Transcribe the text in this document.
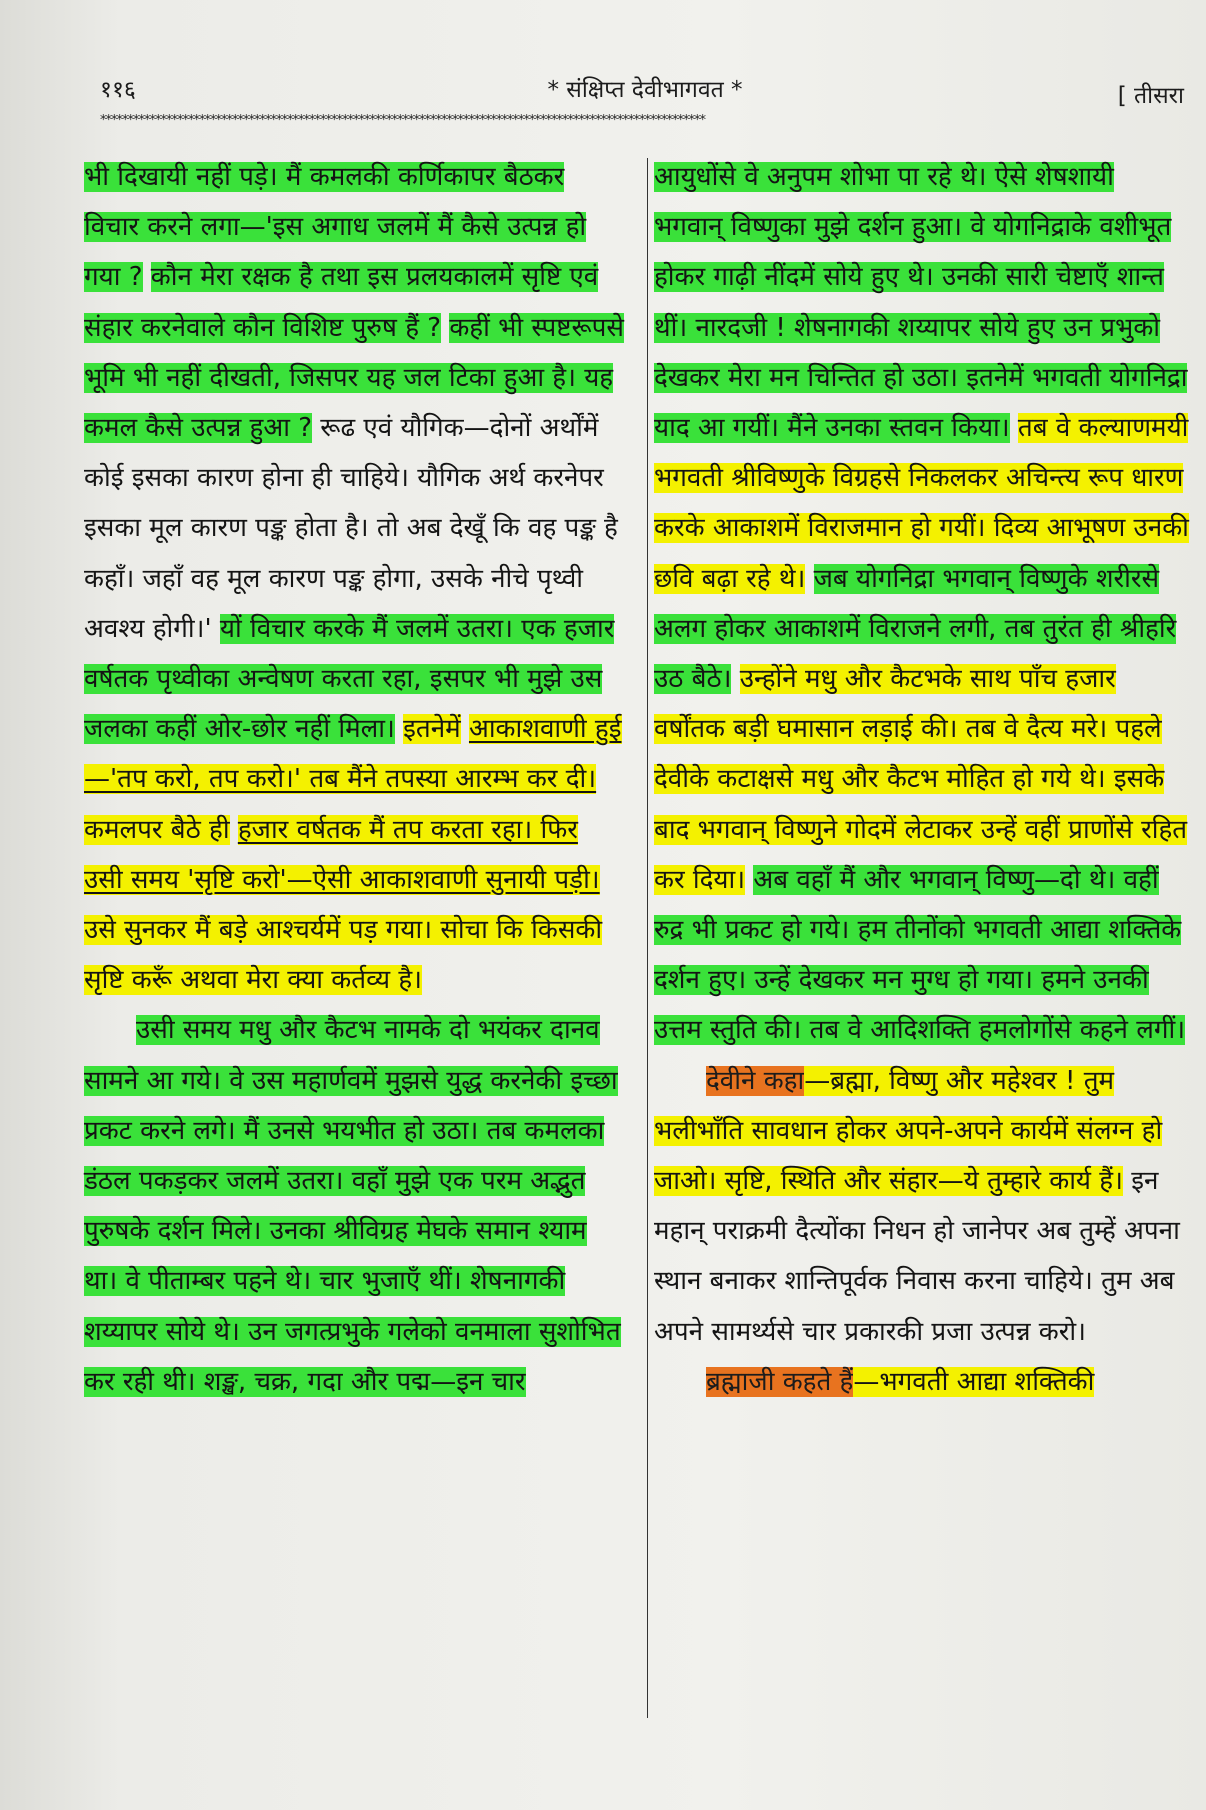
११६	* संक्षिप्त देवीभागवत *	[ तीसरा
**************************************************************************************************************

भी दिखायी नहीं पड़े। मैं कमलकी कर्णिकापर बैठकर विचार करने लगा—'इस अगाध जलमें मैं कैसे उत्पन्न हो गया ? कौन मेरा रक्षक है तथा इस प्रलयकालमें सृष्टि एवं संहार करनेवाले कौन विशिष्ट पुरुष हैं ? कहीं भी स्पष्टरूपसे भूमि भी नहीं दीखती, जिसपर यह जल टिका हुआ है। यह कमल कैसे उत्पन्न हुआ ? रूढ एवं यौगिक—दोनों अर्थोंमें कोई इसका कारण होना ही चाहिये। यौगिक अर्थ करनेपर इसका मूल कारण पङ्क होता है। तो अब देखूँ कि वह पङ्क है कहाँ। जहाँ वह मूल कारण पङ्क होगा, उसके नीचे पृथ्वी अवश्य होगी।' यों विचार करके मैं जलमें उतरा। एक हजार वर्षतक पृथ्वीका अन्वेषण करता रहा, इसपर भी मुझे उस जलका कहीं ओर-छोर नहीं मिला। इतनेमें आकाशवाणी हुई—'तप करो, तप करो।' तब मैंने तपस्या आरम्भ कर दी। कमलपर बैठे ही हजार वर्षतक मैं तप करता रहा। फिर उसी समय 'सृष्टि करो'—ऐसी आकाशवाणी सुनायी पड़ी। उसे सुनकर मैं बड़े आश्चर्यमें पड़ गया। सोचा कि किसकी सृष्टि करूँ अथवा मेरा क्या कर्तव्य है।

उसी समय मधु और कैटभ नामके दो भयंकर दानव सामने आ गये। वे उस महार्णवमें मुझसे युद्ध करनेकी इच्छा प्रकट करने लगे। मैं उनसे भयभीत हो उठा। तब कमलका डंठल पकड़कर जलमें उतरा। वहाँ मुझे एक परम अद्भुत पुरुषके दर्शन मिले। उनका श्रीविग्रह मेघके समान श्याम था। वे पीताम्बर पहने थे। चार भुजाएँ थीं। शेषनागकी शय्यापर सोये थे। उन जगत्प्रभुके गलेको वनमाला सुशोभित कर रही थी। शङ्ख, चक्र, गदा और पद्म—इन चार

आयुधोंसे वे अनुपम शोभा पा रहे थे। ऐसे शेषशायी भगवान् विष्णुका मुझे दर्शन हुआ। वे योगनिद्राके वशीभूत होकर गाढ़ी नींदमें सोये हुए थे। उनकी सारी चेष्टाएँ शान्त थीं। नारदजी ! शेषनागकी शय्यापर सोये हुए उन प्रभुको देखकर मेरा मन चिन्तित हो उठा। इतनेमें भगवती योगनिद्रा याद आ गयीं। मैंने उनका स्तवन किया। तब वे कल्याणमयी भगवती श्रीविष्णुके विग्रहसे निकलकर अचिन्त्य रूप धारण करके आकाशमें विराजमान हो गयीं। दिव्य आभूषण उनकी छवि बढ़ा रहे थे। जब योगनिद्रा भगवान् विष्णुके शरीरसे अलग होकर आकाशमें विराजने लगी, तब तुरंत ही श्रीहरि उठ बैठे। उन्होंने मधु और कैटभके साथ पाँच हजार वर्षोंतक बड़ी घमासान लड़ाई की। तब वे दैत्य मरे। पहले देवीके कटाक्षसे मधु और कैटभ मोहित हो गये थे। इसके बाद भगवान् विष्णुने गोदमें लेटाकर उन्हें वहीं प्राणोंसे रहित कर दिया। अब वहाँ मैं और भगवान् विष्णु—दो थे। वहीं रुद्र भी प्रकट हो गये। हम तीनोंको भगवती आद्या शक्तिके दर्शन हुए। उन्हें देखकर मन मुग्ध हो गया। हमने उनकी उत्तम स्तुति की। तब वे आदिशक्ति हमलोगोंसे कहने लगीं।

देवीने कहा—ब्रह्मा, विष्णु और महेश्वर ! तुम भलीभाँति सावधान होकर अपने-अपने कार्यमें संलग्न हो जाओ। सृष्टि, स्थिति और संहार—ये तुम्हारे कार्य हैं। इन महान् पराक्रमी दैत्योंका निधन हो जानेपर अब तुम्हें अपना स्थान बनाकर शान्तिपूर्वक निवास करना चाहिये। तुम अब अपने सामर्थ्यसे चार प्रकारकी प्रजा उत्पन्न करो।

ब्रह्माजी कहते हैं—भगवती आद्या शक्तिकी
